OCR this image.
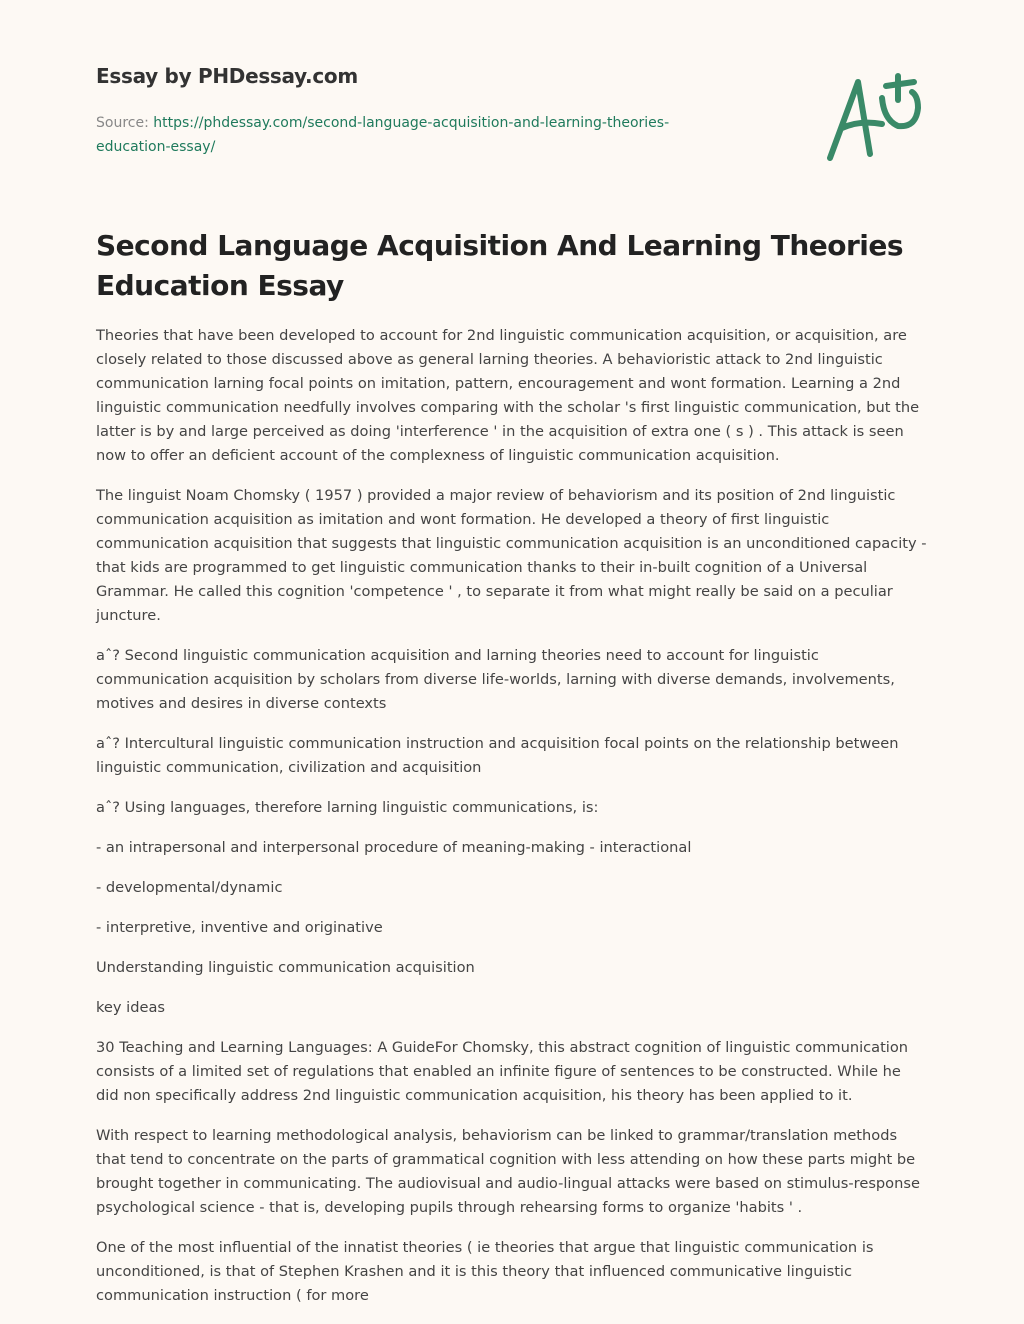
Essay by PHDessay.com
Source: https://phdessay.com/second-language-acquisition-and-learning-theories-education-essay/
Second Language Acquisition And Learning Theories Education Essay

Theories that have been developed to account for 2nd linguistic communication acquisition, or acquisition, are closely related to those discussed above as general larning theories. A behavioristic attack to 2nd linguistic communication larning focal points on imitation, pattern, encouragement and wont formation. Learning a 2nd linguistic communication needfully involves comparing with the scholar 's first linguistic communication, but the latter is by and large perceived as doing 'interference ' in the acquisition of extra one ( s ) . This attack is seen now to offer an deficient account of the complexness of linguistic communication acquisition.

The linguist Noam Chomsky ( 1957 ) provided a major review of behaviorism and its position of 2nd linguistic communication acquisition as imitation and wont formation. He developed a theory of first linguistic communication acquisition that suggests that linguistic communication acquisition is an unconditioned capacity - that kids are programmed to get linguistic communication thanks to their in-built cognition of a Universal Grammar. He called this cognition 'competence ' , to separate it from what might really be said on a peculiar juncture.

aˆ? Second linguistic communication acquisition and larning theories need to account for linguistic communication acquisition by scholars from diverse life-worlds, larning with diverse demands, involvements, motives and desires in diverse contexts

aˆ? Intercultural linguistic communication instruction and acquisition focal points on the relationship between linguistic communication, civilization and acquisition

aˆ? Using languages, therefore larning linguistic communications, is:

- an intrapersonal and interpersonal procedure of meaning-making - interactional

- developmental/dynamic

- interpretive, inventive and originative

Understanding linguistic communication acquisition

key ideas

30 Teaching and Learning Languages: A GuideFor Chomsky, this abstract cognition of linguistic communication consists of a limited set of regulations that enabled an infinite figure of sentences to be constructed. While he did non specifically address 2nd linguistic communication acquisition, his theory has been applied to it.

With respect to learning methodological analysis, behaviorism can be linked to grammar/translation methods that tend to concentrate on the parts of grammatical cognition with less attending on how these parts might be brought together in communicating. The audiovisual and audio-lingual attacks were based on stimulus-response psychological science - that is, developing pupils through rehearsing forms to organize 'habits ' .

One of the most influential of the innatist theories ( ie theories that argue that linguistic communication is unconditioned, is that of Stephen Krashen and it is this theory that influenced communicative linguistic communication instruction ( for more
